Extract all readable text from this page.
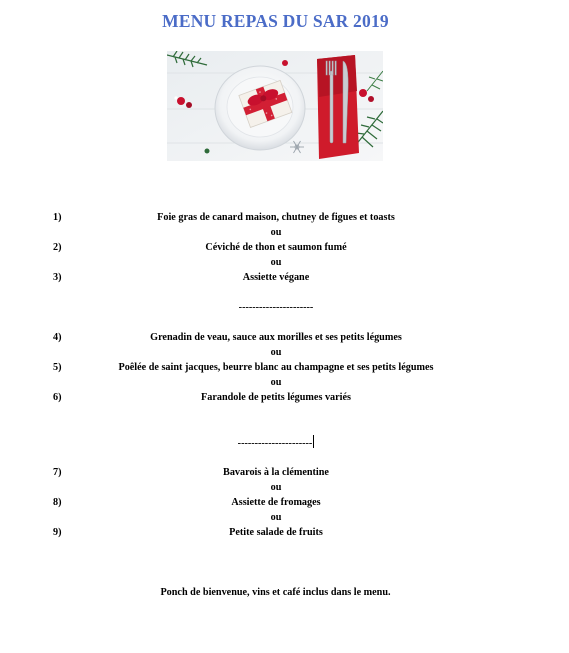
MENU REPAS DU SAR 2019
1)	Foie gras de canard maison, chutney de figues et toasts
ou
2)	Céviché de thon et saumon fumé
ou
3)	Assiette végane
----------------------
4)	Grenadin de veau, sauce aux morilles et ses petits légumes
ou
5)	Poêlée de saint jacques, beurre blanc au champagne et ses petits légumes
ou
6)	Farandole de petits légumes variés
----------------------
7)	Bavarois à la clémentine
ou
8)	Assiette de fromages
ou
9)	Petite salade de fruits
Ponch de bienvenue, vins et café inclus dans le menu.
